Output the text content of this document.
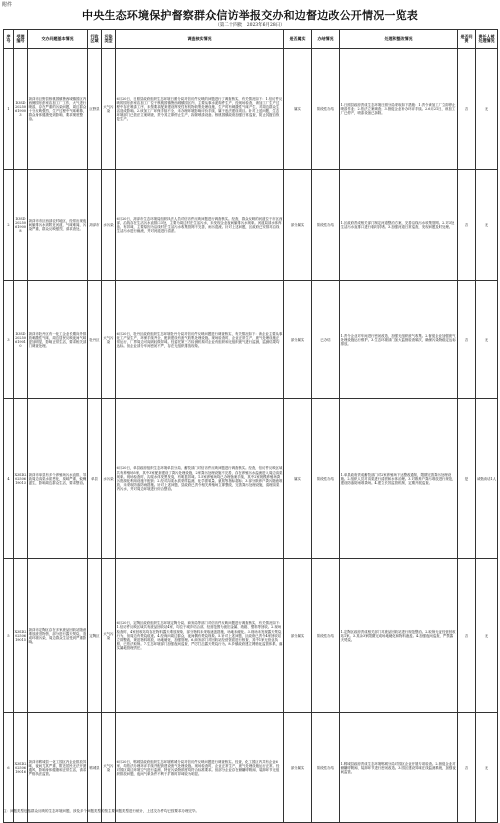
附件
中央生态环境保护督察群众信访举报交办和边督边改公开情况一览表
（第二十四批　2023年6月28日）
序号	受理编号	交办问题基本情况	行政区域	污染类型	调查核实情况	是否属实	办结情况	处理和整改情况	是否问责	责任人被处理情况
1	D3SD20250619003	菏泽市巨野县核桃园镇鲁西城镇园区内西侧园东彭家店加工厂工作，大气进行喷漆，存在严重的污染问题，周边群众十分反映强烈，生产过程中气味刺鼻，群众身体健康受到影响，要求彻底整治。	巨野县	大气污染	6月20日，日照县政府组织生态环境日照分局对信访件反映的问题进行了调查核实，有关情况如下：1.信访件反映的园东彭家店加工厂位于核桃园镇鲁西城镇园区内，主要从事水泥构件生产，经现场检查，该加工厂生产过程中存在喷漆工序，未按要求配套建设挥发性有机物收集处理设施，生产时有刺激性气味产生，对周边群众生活造成影响。2.该加工厂环保手续不全，未办理环境影响评价手续，属于违法建设项目。针对上述问题，生态环境部门已依法立案调查，责令其立即停止生产，拆除喷漆设备。核桃园镇政府加强日常巡查，防止其擅自恢复生产。	属实	阶段性办结	1.日照县政府责成生态环境日照分局采取如下措施：1.责令该加工厂立即停止喷漆作业；2.依法立案调查；3.督促企业补办环评手续。2.6月21日，该加工厂已停产，喷漆设备已拆除。	否	无
2	D3SD20250619008	菏泽市市区西部农村地区，经常出现夜间偷排污水到附近河道，气味难闻，污染严重，群众反映强烈，请求查处。	菏泽市	水污染	6月20日，菏泽市生态环境局组织执法人员对信访件反映问题进行调查核实。经查，群众反映的河道位于市区西部，沿线存在生活污水直排口3处，主要为周边村庄生活污水，未发现企业夜间偷排污水现象。河道局部水体浑浊、有异味，主要原因为沿线村庄生活污水收集管网不完善，雨污混流。针对上述问题，区政府已安排对沿线生活污水进行截流，并对河道进行清淤。	部分属实	阶段性办结	1.区政府责成相关部门制定河道整治方案，完善沿线污水收集管网。2.对3处生活污水直排口进行临时封堵。3.加强河道日常巡查，发现问题及时处理。	否	无
3	D3SD20250619010	菏泽市牡丹区有一化工企业长期向外排放刺激性气味，周边居民反映夜间气味更加明显，影响正常生活，要求相关部门调查处理。	牡丹区	大气污染	6月20日，牡丹区政府组织生态环境牡丹分局对信访件反映问题进行调查核实，有关情况如下：该企业主要从事化工产品生产，环保手续齐全，配套建设有废气收集处理设施。现场检查时，企业正常生产，废气处理设施正常运行，厂界周边可闻到轻微异味。经委托第三方检测机构对企业有组织和无组织废气进行监测，监测结果均达标。但企业部分车间密闭不严，存在无组织排放现象。	部分属实	已办结	1.责令企业对车间进行密闭改造，加强无组织废气收集。2.督促企业加强废气处理设施运行维护。3.生态环境部门加大监督检查频次，确保污染物稳定达标排放。	否	无
4	X3SD20250619013	菏泽市单县有多个养殖场污水直排，导致周边沟渠水质恶化，臭味严重，蚊蝇滋生，影响周边群众生活，要求整治。	单县	水污染	6月20日，单县政府组织生态环境单县分局、畜牧部门对信访件反映问题进行调查核实。经查，信访件反映区域共有养殖场5家，其中3家配套建设了粪污处理设施，2家粪污处理设施不完善，存在养殖污水溢流进入周边沟渠现象。现场检查时，沟渠水体发黑发臭，有明显异味。1.5家养殖场均已办理备案手续，其中2家规模养殖场粪污资源化利用设施不配套；2.经对沟渠水质采样监测，化学需氧量、氨氮等指标超标；3.部分散养户粪污随意堆放，未采取防渗防雨措施。针对上述问题，县政府已责令相关养殖场立即整改，完善粪污处理设施，清理沟渠内污水，并对周边环境进行综合整治。	属实	阶段性办结	1.单县政府责成畜牧部门对2家养殖场下达整改通知，限期完善粪污处理设施。2.组织人员对沟渠进行清淤和水体治理。3.对散养户粪污堆放进行规范，建设防渗防雨堆粪场。4.建立长效监管机制，定期开展巡查。	是	诫勉谈话1人
5	X3SD20250619015	菏泽市定陶区存在多家废品回收站随意堆放废旧物资，部分进行露天焚烧，造成环境污染，周边群众生活受到严重影响。	定陶区	大气污染	6月20日，定陶区政府组织生态环境定陶分局、商务局等部门对信访件反映问题进行调查核实，有关情况如下：1.信访件反映区域共有废品回收站4家，均位于城乡结合部，经营范围为废旧金属、纸箱、塑料等回收。2.现场检查时，4家回收站均存在物料露天堆放现象，部分物料未采取遮盖措施，场地未硬化。3.现场未发现露天焚烧行为，但周边有焚烧痕迹。4.经询问周边群众，夜间偶有焚烧现象。5.针对上述问题，区政府已责令4家回收站立即整改，规范物料堆放，场地硬化，加强管理。6.商务部门对回收站经营资质进行核查，其中1家无营业执照，已依法取缔。7.生态环境部门加强夜间巡查，严厉打击露天焚烧行为。8.乡镇政府建立网格化监管体系，落实属地管理责任。	部分属实	阶段性办结	1.定陶区政府责成相关部门对废品回收站进行规范整治。2.取缔无证经营回收站1家。3.其余3家限期完成场地硬化和物料遮盖。4.加强夜间巡查，严禁露天焚烧。	否	无
6	X3SD20250619016	菏泽市郓城县一化工园区内企业排放异味，夜间尤其严重，附近居民无法开窗通风，影响身体健康和正常生活，请求严格执法监管。	郓城县	大气污染	6月20日，郓城县政府组织生态环境郓城分局对信访件反映问题进行调查核实。经查，化工园区内共有企业6家，均依法办理环评手续并配套建设废气处理设施。现场检查时，企业正常生产，废气处理设施运行正常。经对园区周边环境空气进行监测，特征污染物浓度均符合标准要求。但部分企业存在储罐呼吸阀、装卸环节无组织排放问题，夜间气象条件不利于扩散时异味较为明显。	部分属实	阶段性办结	1.郓城县政府责成生态环境郓城分局对园区企业开展专项检查。2.督促企业对储罐呼吸阀、装卸环节进行密闭改造。3.园区建设异味在线监测系统，加强夜间监管。	否	无
注：问题类型包括群众反映的生态环境问题，涉及多个问题类型的按主要问题类型进行统计，上述交办件均已按要求办理完毕。
